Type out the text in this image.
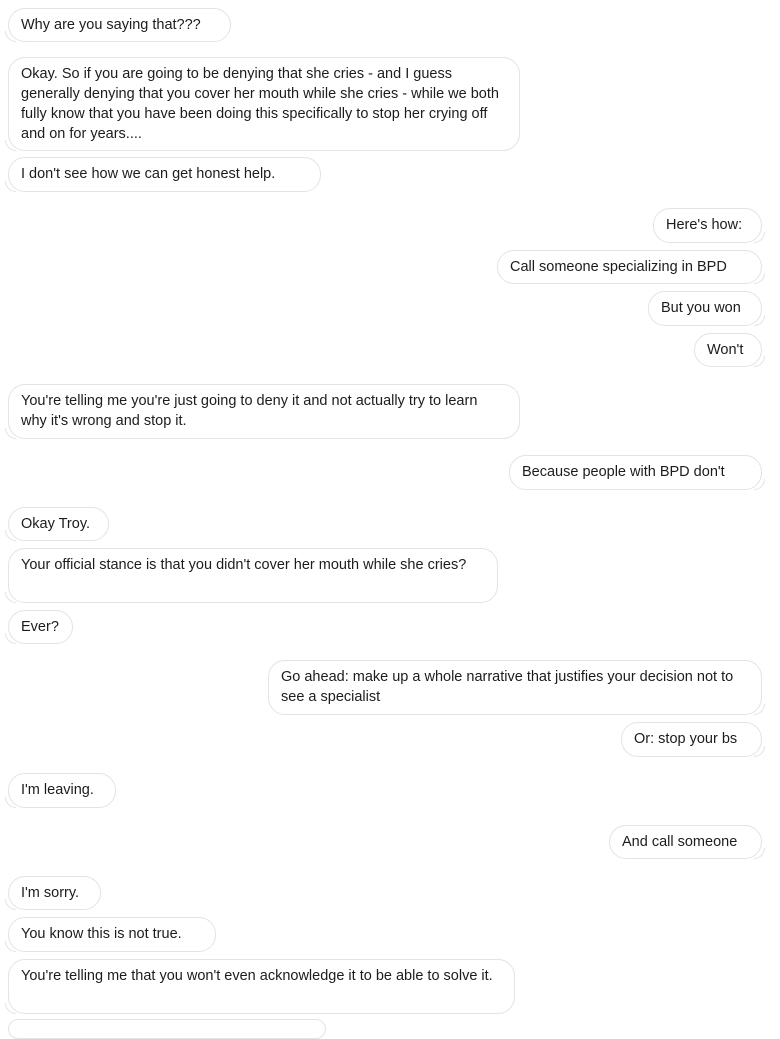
Why are you saying that???
Okay. So if you are going to be denying that she cries - and I guess generally denying that you cover her mouth while she cries - while we both fully know that you have been doing this specifically to stop her crying off and on for years....
I don't see how we can get honest help.
Here's how:
Call someone specializing in BPD
But you won
Won't
You're telling me you're just going to deny it and not actually try to learn why it's wrong and stop it.
Because people with BPD don't
Okay Troy.
Your official stance is that you didn't cover her mouth while she cries?
Ever?
Go ahead: make up a whole narrative that justifies your decision not to see a specialist
Or: stop your bs
I'm leaving.
And call someone
I'm sorry.
You know this is not true.
You're telling me that you won't even acknowledge it to be able to solve it.
